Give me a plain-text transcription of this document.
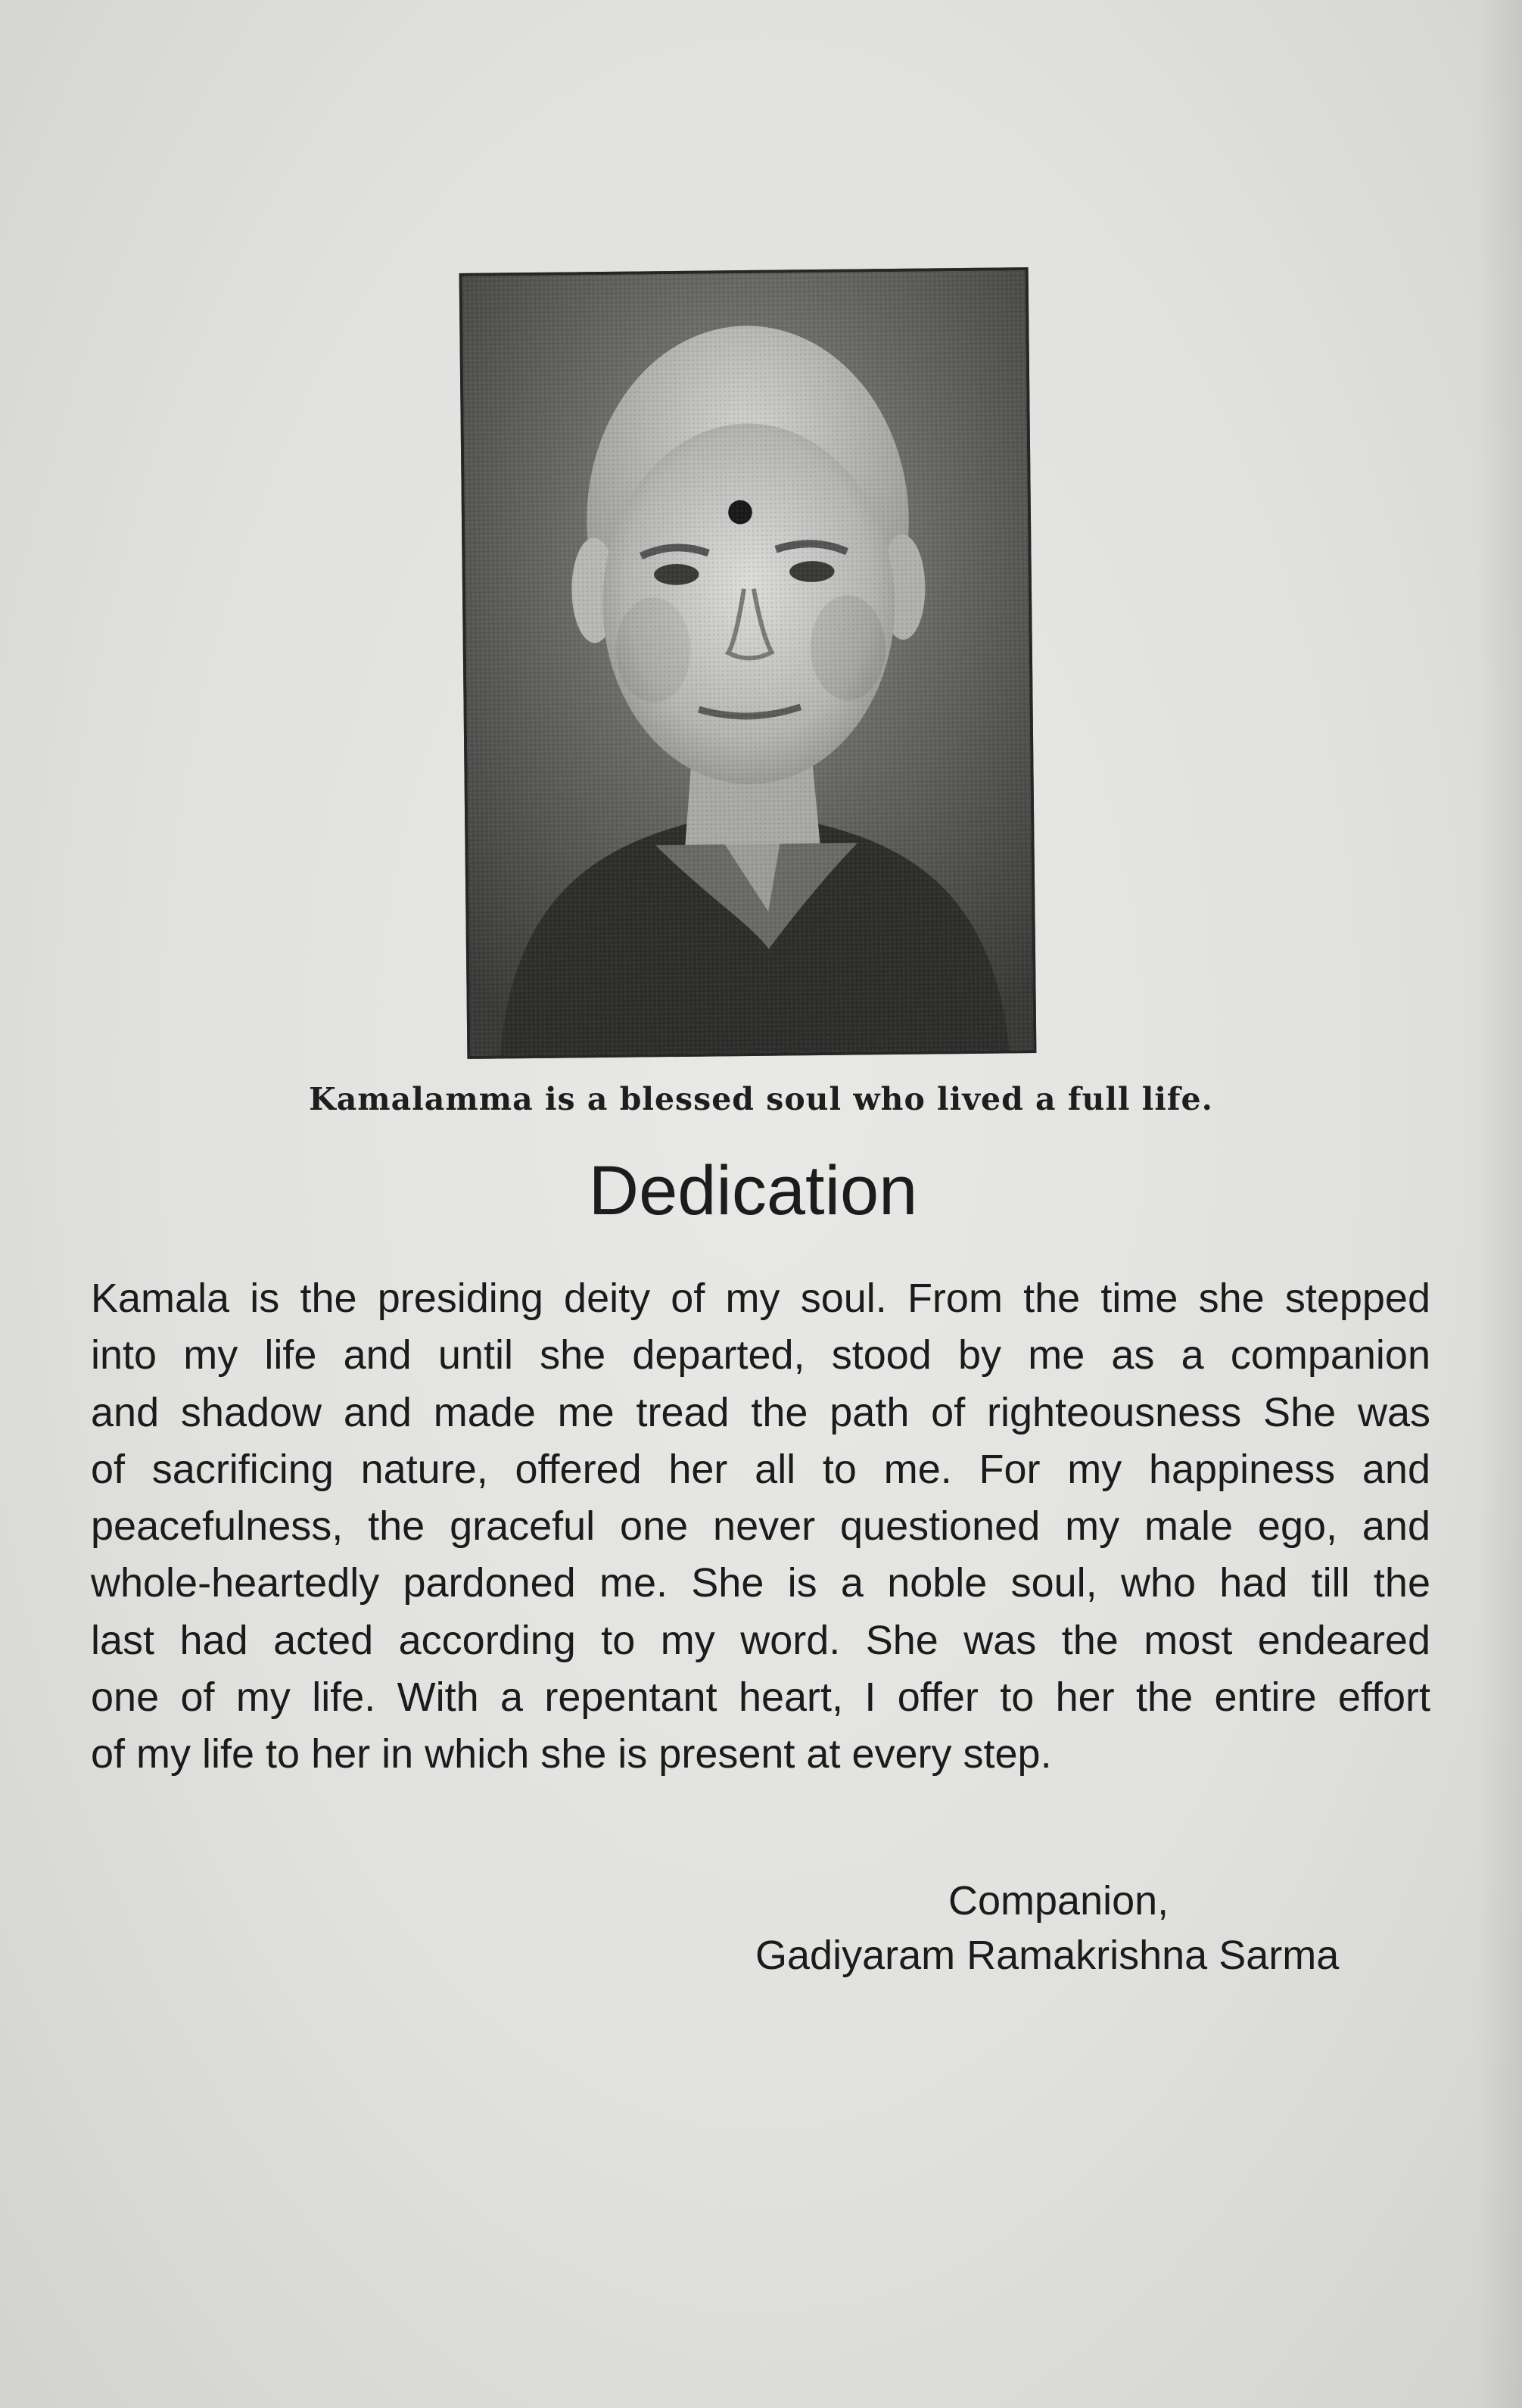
Kamalamma is a blessed soul who lived a full life.
Dedication
Kamala is the presiding deity of my soul. From the time she stepped
into my life and until she departed, stood by me as a companion
and shadow and made me tread the path of righteousness She was
of sacrificing nature, offered her all to me. For my happiness and
peacefulness, the graceful one never questioned my male ego, and
whole-heartedly pardoned me. She is a noble soul, who had till the
last had acted according to my word. She was the most endeared
one of my life. With a repentant heart, I offer to her the entire effort
of my life to her in which she is present at every step.
Companion,
Gadiyaram Ramakrishna Sarma
